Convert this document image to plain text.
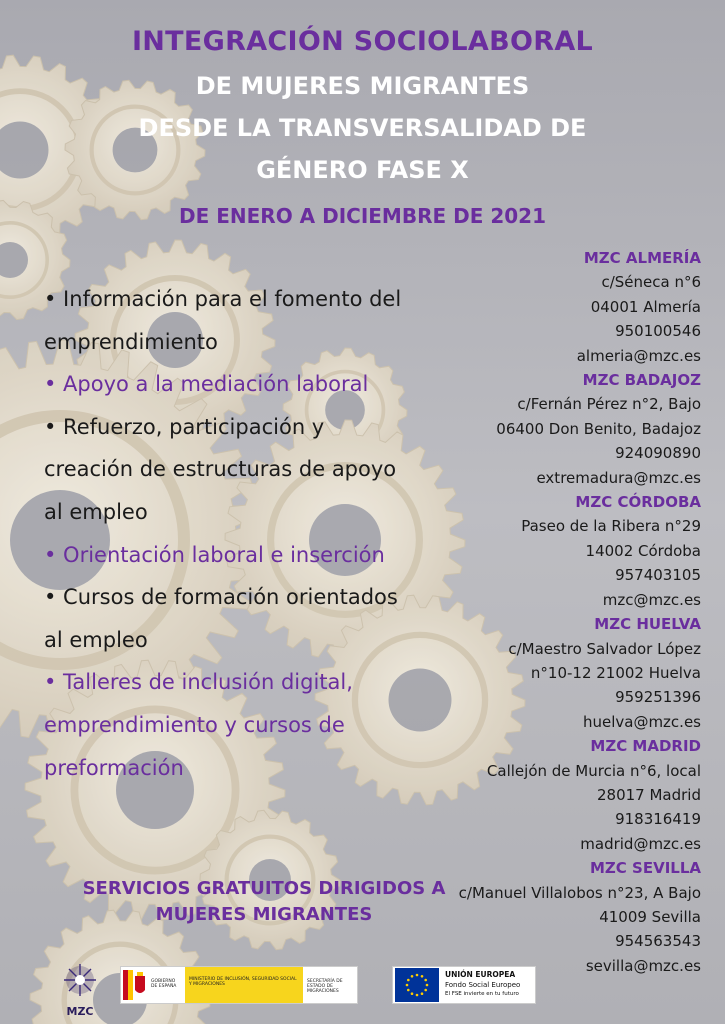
INTEGRACIÓN SOCIOLABORAL
DE MUJERES MIGRANTES
DESDE LA TRANSVERSALIDAD DE
GÉNERO FASE X
DE ENERO A DICIEMBRE DE 2021
• Información para el fomento del
emprendimiento
• Apoyo a la mediación laboral
• Refuerzo, participación y
creación de estructuras de apoyo
al empleo
• Orientación laboral e inserción
• Cursos de formación orientados
al empleo
• Talleres de inclusión digital,
emprendimiento y cursos de
preformación
MZC ALMERÍA
c/Séneca n°6
04001 Almería
950100546
almeria@mzc.es
MZC BADAJOZ
c/Fernán Pérez n°2, Bajo
06400 Don Benito, Badajoz
924090890
extremadura@mzc.es
MZC CÓRDOBA
Paseo de la Ribera n°29
14002 Córdoba
957403105
mzc@mzc.es
MZC HUELVA
c/Maestro Salvador López
n°10-12 21002 Huelva
959251396
huelva@mzc.es
MZC MADRID
Callejón de Murcia n°6, local
28017 Madrid
918316419
madrid@mzc.es
MZC SEVILLA
c/Manuel Villalobos n°23, A Bajo
41009 Sevilla
954563543
sevilla@mzc.es
SERVICIOS GRATUITOS DIRIGIDOS A
MUJERES MIGRANTES
MZC
GOBIERNO DE ESPAÑA
MINISTERIO DE INCLUSIÓN, SEGURIDAD SOCIAL Y MIGRACIONES
SECRETARÍA DE ESTADO DE MIGRACIONES
UNIÓN EUROPEA
Fondo Social Europeo
El FSE invierte en tu futuro
